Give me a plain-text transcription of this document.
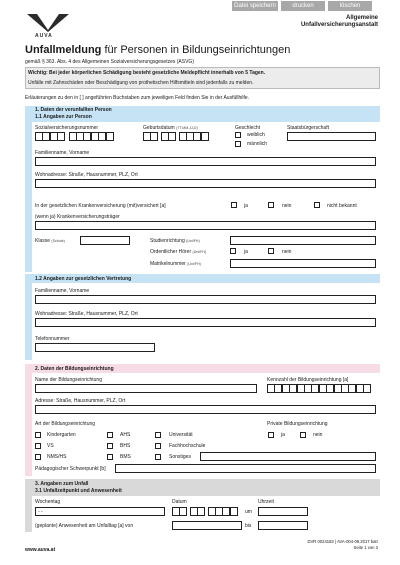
Datei speichern	drucken	löschen
AUVA
Allgemeine
Unfallversicherungsanstalt
Unfallmeldung für Personen in Bildungseinrichtungen
gemäß § 363. Abs. 4 des Allgemeinen Sozialversicherungsgesetzes (ASVG)
Wichtig: Bei jeder körperlichen Schädigung besteht gesetzliche Meldepflicht innerhalb von 5 Tagen.
Unfälle mit Zahnschäden oder Beschädigung von prothetischen Hilfsmitteln sind jedenfalls zu melden.
Erläuterungen zu den in [ ] angeführten Buchstaben zum jeweiligen Feld finden Sie in der Ausfüllhilfe.
1. Daten der verunfallten Person
1.1 Angaben zur Person
Sozialversicherungsnummer	Geburtsdatum (TT.MM.JJJJ)	Geschlecht
weiblich
männlich
Staatsbürgerschaft
Familienname, Vorname
Wohnadresse: Straße, Hausnummer, PLZ, Ort
In der gesetzlichen Krankenversicherung (mit)versichert [a]	ja	nein	nicht bekannt
(wenn ja) Krankenversicherungsträger
Klasse (Schule)	Studienrichtung (Uni/FH)
Ordentlicher Hörer (Uni/FH)	ja	nein
Matrikelnummer (Uni/FH)
1.2 Angaben zur gesetzlichen Vertretung
Familienname, Vorname
Wohnadresse: Straße, Hausnummer, PLZ, Ort
Telefonnummer
2. Daten der Bildungseinrichtung
Name der Bildungseinrichtung	Kennzahl der Bildungseinrichtung [a]
Adresse: Straße, Hausnummer, PLZ, Ort
Art der Bildungseinrichtung	Private Bildungseinrichtung
Kindergarten	AHS	Universität	ja	nein
VS	BHS	Fachhochschule
NMS/HS	BMS	Sonstiges
Pädagogischer Schwerpunkt [b]
3. Angaben zum Unfall
3.1 Unfallzeitpunkt und Anwesenheit
Wochentag	Datum	Uhrzeit
- -	um
(geplante) Anwesenheit am Unfalltag [a] von	bis
www.auva.at
DVR 0024163 | AVA-004-09.2017 batr
Seite 1 von 3
